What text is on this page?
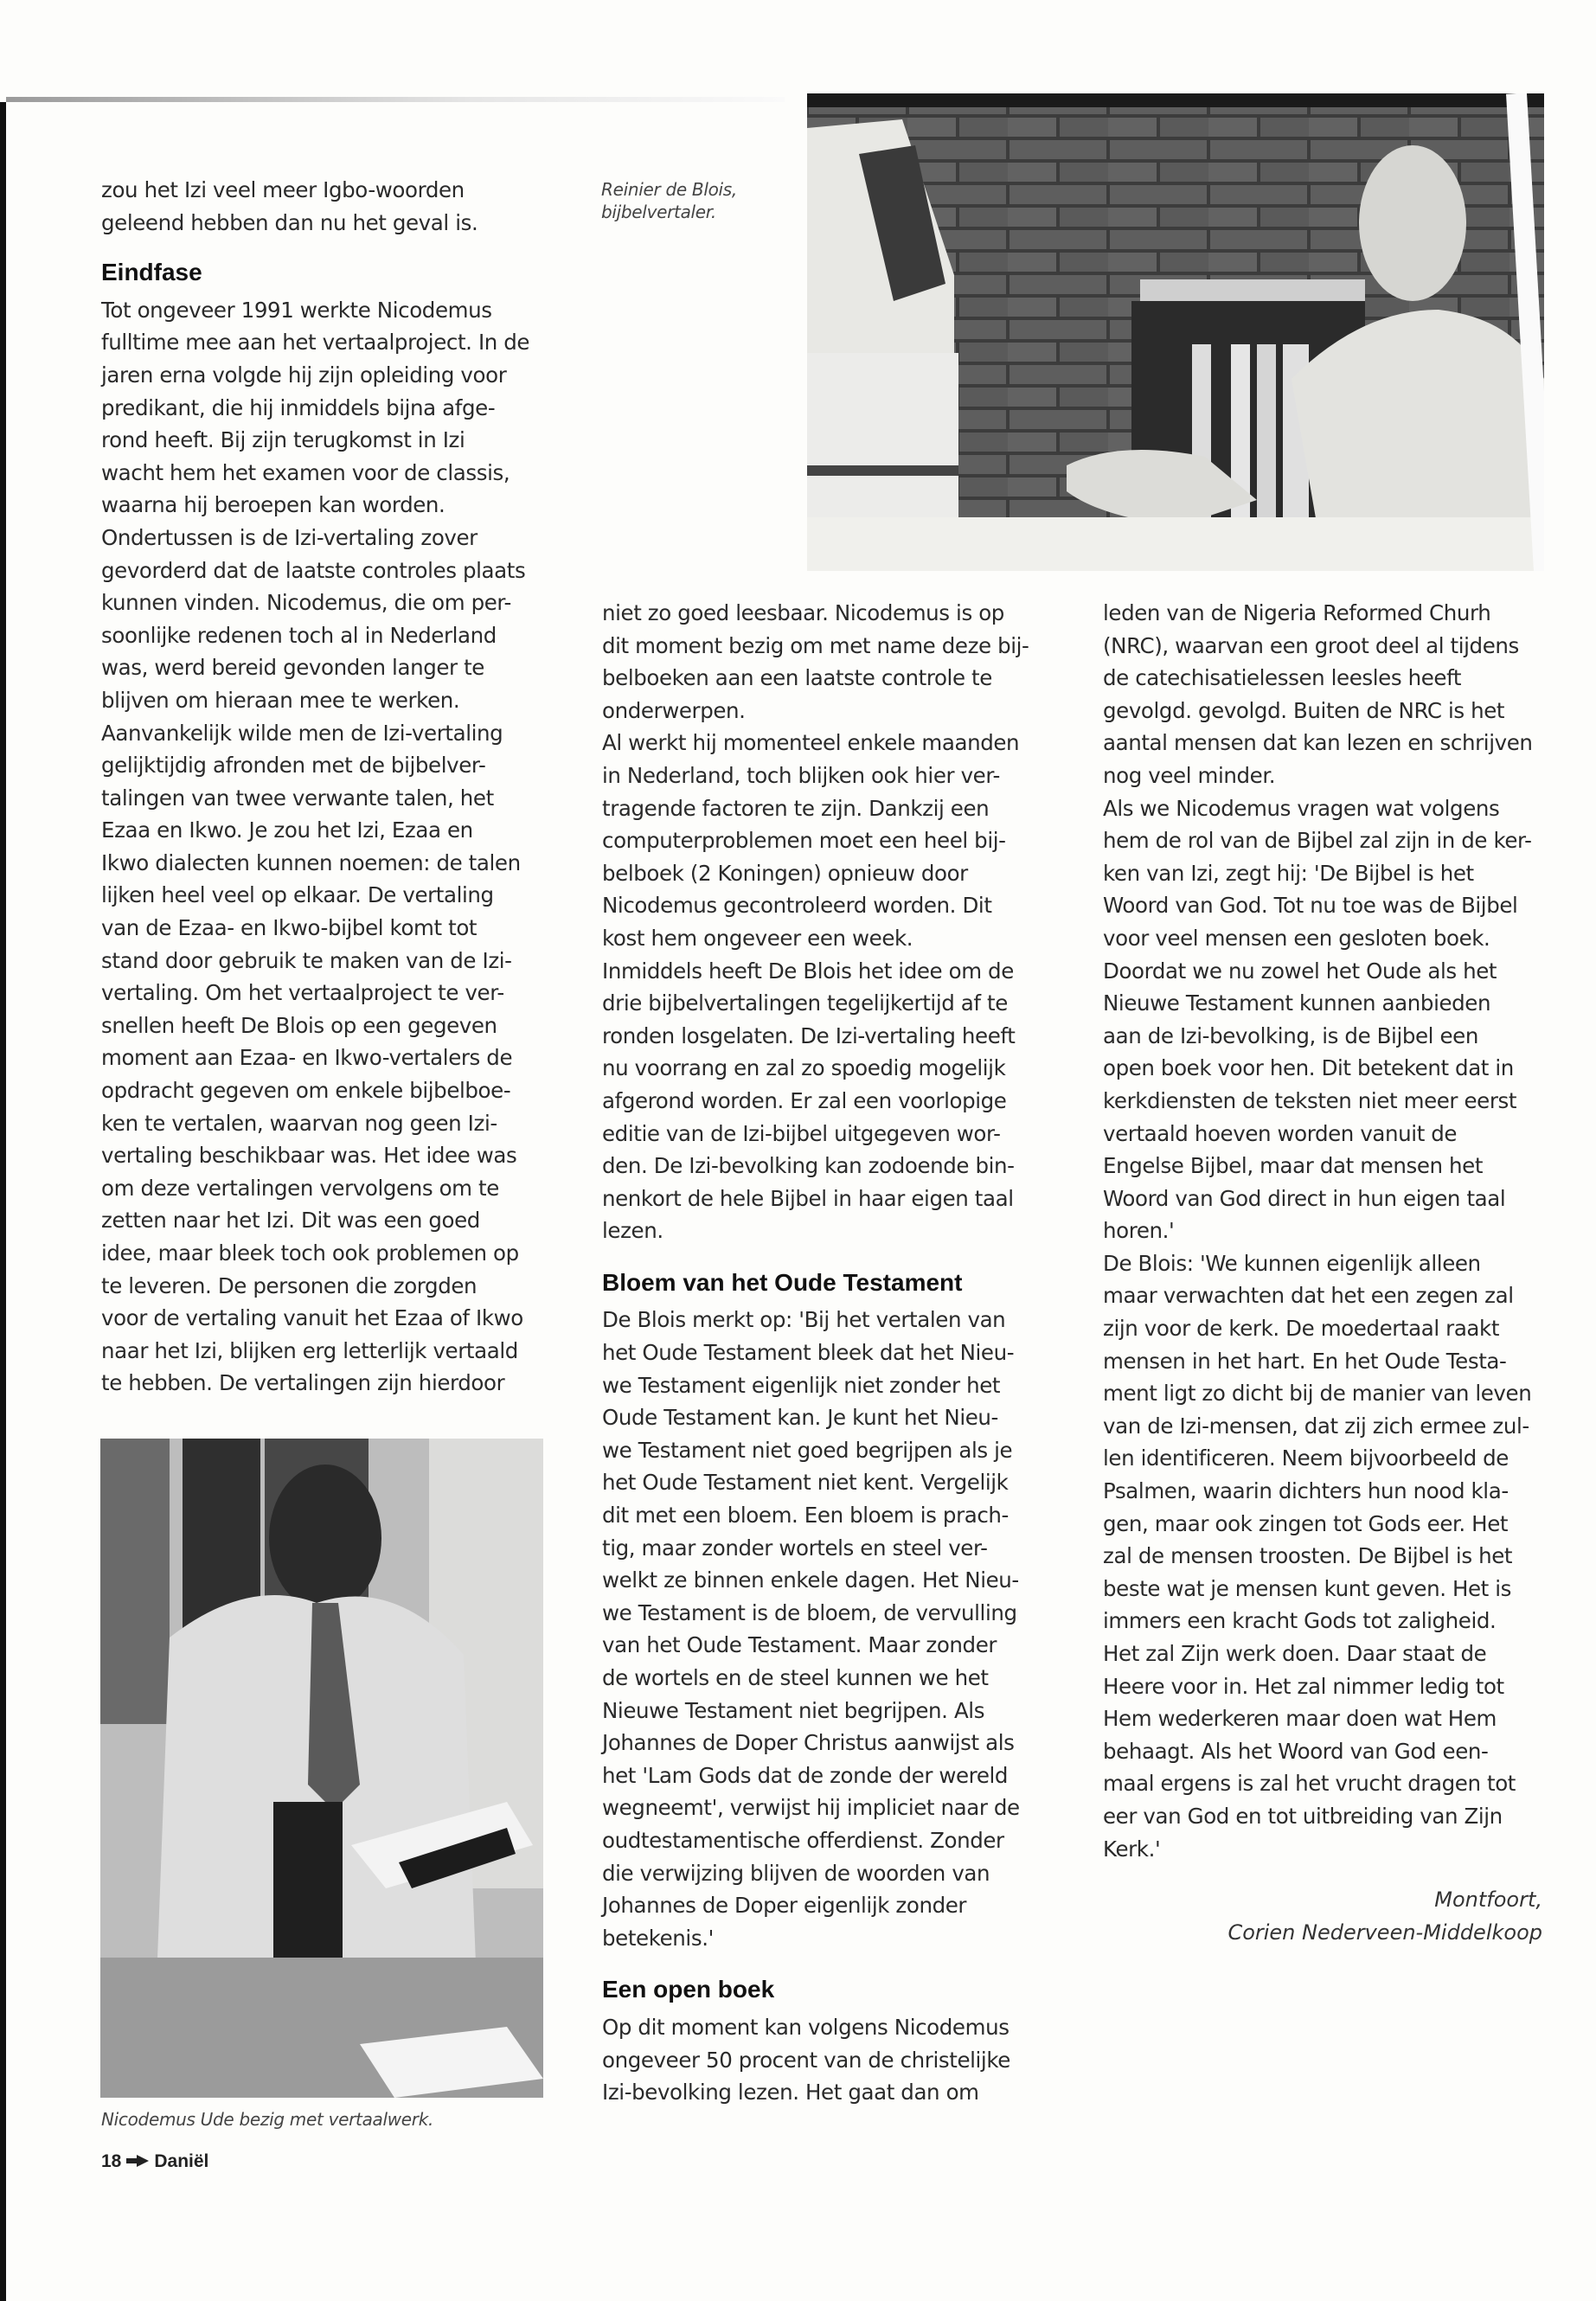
Reinier de Blois,
bijbelvertaler.

zou het Izi veel meer Igbo-woorden

geleend hebben dan nu het geval is.

Eindfase

Tot ongeveer 1991 werkte Nicodemus

fulltime mee aan het vertaalproject. In de

jaren erna volgde hij zijn opleiding voor

predikant, die hij inmiddels bijna afge-

rond heeft. Bij zijn terugkomst in Izi

wacht hem het examen voor de classis,

waarna hij beroepen kan worden.

Ondertussen is de Izi-vertaling zover

gevorderd dat de laatste controles plaats

kunnen vinden. Nicodemus, die om per-

soonlijke redenen toch al in Nederland

was, werd bereid gevonden langer te

blijven om hieraan mee te werken.

Aanvankelijk wilde men de Izi-vertaling

gelijktijdig afronden met de bijbelver-

talingen van twee verwante talen, het

Ezaa en Ikwo. Je zou het Izi, Ezaa en

Ikwo dialecten kunnen noemen: de talen

lijken heel veel op elkaar. De vertaling

van de Ezaa- en Ikwo-bijbel komt tot

stand door gebruik te maken van de Izi-

vertaling. Om het vertaalproject te ver-

snellen heeft De Blois op een gegeven

moment aan Ezaa- en Ikwo-vertalers de

opdracht gegeven om enkele bijbelboe-

ken te vertalen, waarvan nog geen Izi-

vertaling beschikbaar was. Het idee was

om deze vertalingen vervolgens om te

zetten naar het Izi. Dit was een goed

idee, maar bleek toch ook problemen op

te leveren. De personen die zorgden

voor de vertaling vanuit het Ezaa of Ikwo

naar het Izi, blijken erg letterlijk vertaald

te hebben. De vertalingen zijn hierdoor

Nicodemus Ude bezig met vertaalwerk.
18 Daniël

niet zo goed leesbaar. Nicodemus is op

dit moment bezig om met name deze bij-

belboeken aan een laatste controle te

onderwerpen.

Al werkt hij momenteel enkele maanden

in Nederland, toch blijken ook hier ver-

tragende factoren te zijn. Dankzij een

computerproblemen moet een heel bij-

belboek (2 Koningen) opnieuw door

Nicodemus gecontroleerd worden. Dit

kost hem ongeveer een week.

Inmiddels heeft De Blois het idee om de

drie bijbelvertalingen tegelijkertijd af te

ronden losgelaten. De Izi-vertaling heeft

nu voorrang en zal zo spoedig mogelijk

afgerond worden. Er zal een voorlopige

editie van de Izi-bijbel uitgegeven wor-

den. De Izi-bevolking kan zodoende bin-

nenkort de hele Bijbel in haar eigen taal

lezen.

Bloem van het Oude Testament

De Blois merkt op: 'Bij het vertalen van

het Oude Testament bleek dat het Nieu-

we Testament eigenlijk niet zonder het

Oude Testament kan. Je kunt het Nieu-

we Testament niet goed begrijpen als je

het Oude Testament niet kent. Vergelijk

dit met een bloem. Een bloem is prach-

tig, maar zonder wortels en steel ver-

welkt ze binnen enkele dagen. Het Nieu-

we Testament is de bloem, de vervulling

van het Oude Testament. Maar zonder

de wortels en de steel kunnen we het

Nieuwe Testament niet begrijpen. Als

Johannes de Doper Christus aanwijst als

het 'Lam Gods dat de zonde der wereld

wegneemt', verwijst hij impliciet naar de

oudtestamentische offerdienst. Zonder

die verwijzing blijven de woorden van

Johannes de Doper eigenlijk zonder

betekenis.'

Een open boek

Op dit moment kan volgens Nicodemus

ongeveer 50 procent van de christelijke

Izi-bevolking lezen. Het gaat dan om

leden van de Nigeria Reformed Churh

(NRC), waarvan een groot deel al tijdens

de catechisatielessen leesles heeft

gevolgd. gevolgd. Buiten de NRC is het

aantal mensen dat kan lezen en schrijven

nog veel minder.

Als we Nicodemus vragen wat volgens

hem de rol van de Bijbel zal zijn in de ker-

ken van Izi, zegt hij: 'De Bijbel is het

Woord van God. Tot nu toe was de Bijbel

voor veel mensen een gesloten boek.

Doordat we nu zowel het Oude als het

Nieuwe Testament kunnen aanbieden

aan de Izi-bevolking, is de Bijbel een

open boek voor hen. Dit betekent dat in

kerkdiensten de teksten niet meer eerst

vertaald hoeven worden vanuit de

Engelse Bijbel, maar dat mensen het

Woord van God direct in hun eigen taal

horen.'

De Blois: 'We kunnen eigenlijk alleen

maar verwachten dat het een zegen zal

zijn voor de kerk. De moedertaal raakt

mensen in het hart. En het Oude Testa-

ment ligt zo dicht bij de manier van leven

van de Izi-mensen, dat zij zich ermee zul-

len identificeren. Neem bijvoorbeeld de

Psalmen, waarin dichters hun nood kla-

gen, maar ook zingen tot Gods eer. Het

zal de mensen troosten. De Bijbel is het

beste wat je mensen kunt geven. Het is

immers een kracht Gods tot zaligheid.

Het zal Zijn werk doen. Daar staat de

Heere voor in. Het zal nimmer ledig tot

Hem wederkeren maar doen wat Hem

behaagt. Als het Woord van God een-

maal ergens is zal het vrucht dragen tot

eer van God en tot uitbreiding van Zijn

Kerk.'

Montfoort,
Corien Nederveen-Middelkoop
